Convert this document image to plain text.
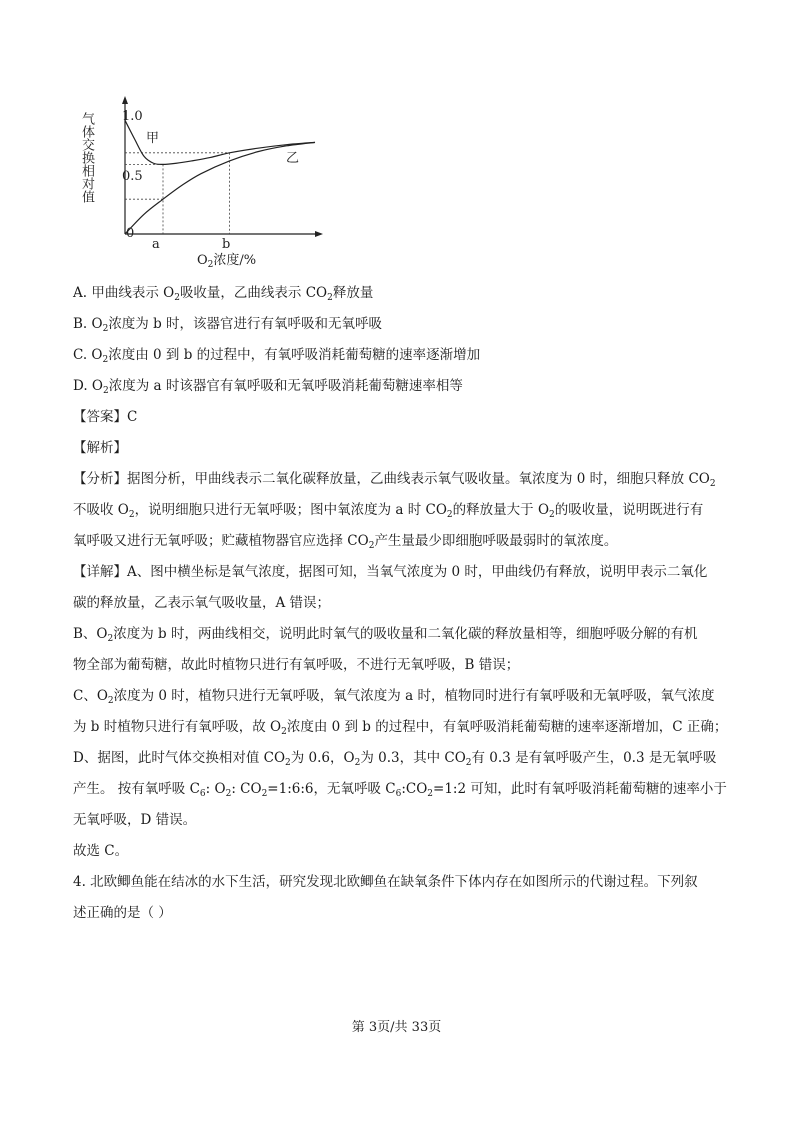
气体交换相对值 1.0
0.5
0
a	b
甲
乙
$O_2$浓度/%
A. 甲曲线表示 $O_2$吸收量，乙曲线表示 $CO_2$释放量
B. $O_2$浓度为 b 时，该器官进行有氧呼吸和无氧呼吸
C. $O_2$浓度由 0 到 b 的过程中，有氧呼吸消耗葡萄糖的速率逐渐增加
D. $O_2$浓度为 a 时该器官有氧呼吸和无氧呼吸消耗葡萄糖速率相等
【答案】C
【解析】
【分析】据图分析，甲曲线表示二氧化碳释放量，乙曲线表示氧气吸收量。氧浓度为 0 时，细胞只释放 $CO_2$
不吸收 $O_2$，说明细胞只进行无氧呼吸；图中氧浓度为 a 时 $CO_2$的释放量大于 $O_2$的吸收量，说明既进行有
氧呼吸又进行无氧呼吸；贮藏植物器官应选择 $CO_2$产生量最少即细胞呼吸最弱时的氧浓度。
【详解】A、图中横坐标是氧气浓度，据图可知，当氧气浓度为 0 时，甲曲线仍有释放，说明甲表示二氧化
碳的释放量，乙表示氧气吸收量，A 错误；
B、$O_2$浓度为 b 时，两曲线相交，说明此时氧气的吸收量和二氧化碳的释放量相等，细胞呼吸分解的有机
物全部为葡萄糖，故此时植物只进行有氧呼吸，不进行无氧呼吸，B 错误；
C、$O_2$浓度为 0 时，植物只进行无氧呼吸，氧气浓度为 a 时，植物同时进行有氧呼吸和无氧呼吸，氧气浓度
为 b 时植物只进行有氧呼吸，故 $O_2$浓度由 0 到 b 的过程中，有氧呼吸消耗葡萄糖的速率逐渐增加，C 正确；
D、据图，此时气体交换相对值 $CO_2$为 0.6，$O_2$为 0.3，其中 $CO_2$有 0.3 是有氧呼吸产生，0.3 是无氧呼吸
产生。 按有氧呼吸 $C_6$: $O_2$: $CO_2=1:6:6$，无氧呼吸 $C_6:CO_2=1:2$ 可知，此时有氧呼吸消耗葡萄糖的速率小于
无氧呼吸，D 错误。
故选 C。
4. 北欧鲫鱼能在结冰的水下生活，研究发现北欧鲫鱼在缺氧条件下体内存在如图所示的代谢过程。下列叙
述正确的是（ ）
第 3页/共 33页
